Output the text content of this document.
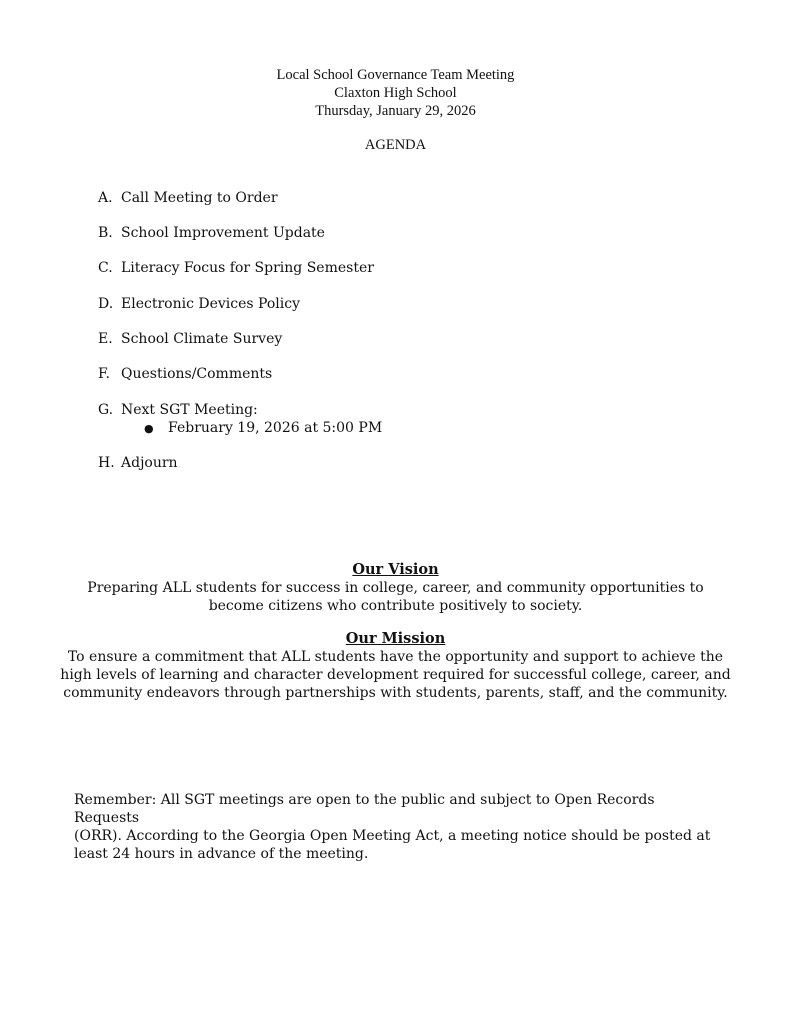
Local School Governance Team Meeting
Claxton High School
Thursday, January 29, 2026
AGENDA
A. Call Meeting to Order
B. School Improvement Update
C. Literacy Focus for Spring Semester
D. Electronic Devices Policy
E. School Climate Survey
F. Questions/Comments
G. Next SGT Meeting:
● February 19, 2026 at 5:00 PM
H. Adjourn
Our Vision
Preparing ALL students for success in college, career, and community opportunities to
become citizens who contribute positively to society.
Our Mission
To ensure a commitment that ALL students have the opportunity and support to achieve the
high levels of learning and character development required for successful college, career, and
community endeavors through partnerships with students, parents, staff, and the community.
Remember: All SGT meetings are open to the public and subject to Open Records Requests
(ORR). According to the Georgia Open Meeting Act, a meeting notice should be posted at
least 24 hours in advance of the meeting.
